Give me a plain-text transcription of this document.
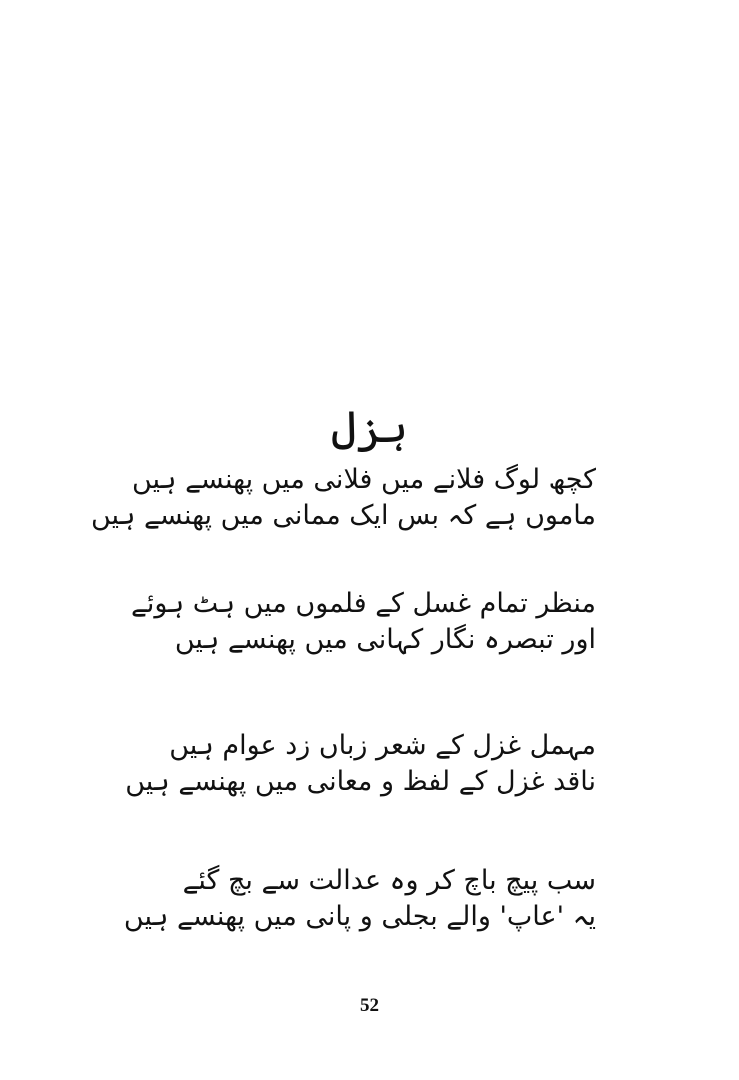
ہزل
کچھ لوگ فلانے میں فلانی میں پھنسے ہیں
ماموں ہے کہ بس ایک ممانی میں پھنسے ہیں
منظر تمام غسل کے فلموں میں ہٹ ہوئے
اور تبصرہ نگار کہانی میں پھنسے ہیں
مہمل غزل کے شعر زباں زد عوام ہیں
ناقد غزل کے لفظ و معانی میں پھنسے ہیں
سب پیچ باچ کر وہ عدالت سے بچ گئے
یہ 'عاپ' والے بجلی و پانی میں پھنسے ہیں
52
